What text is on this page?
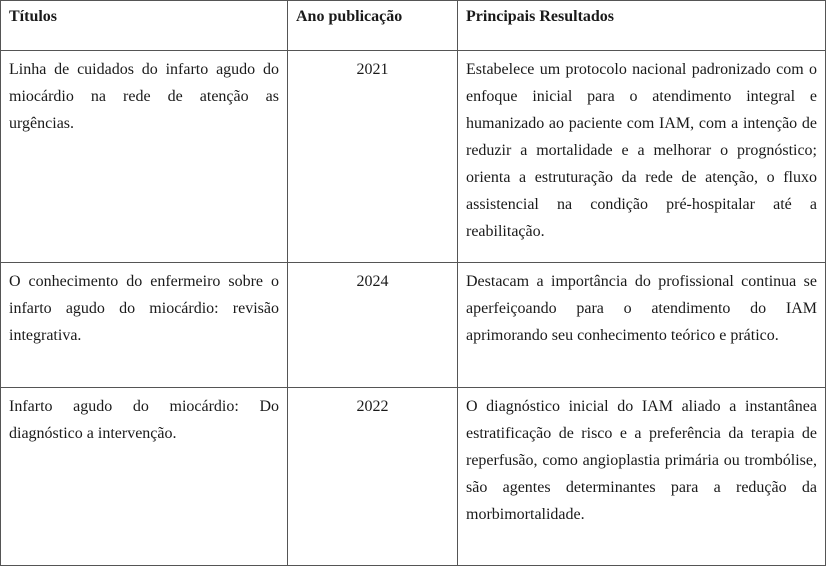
Títulos	Ano publicação	Principais Resultados
Linha de cuidados do infarto agudo do miocárdio na rede de atenção as urgências.	2021	Estabelece um protocolo nacional padronizado com o enfoque inicial para o atendimento integral e humanizado ao paciente com IAM, com a intenção de reduzir a mortalidade e a melhorar o prognóstico; orienta a estruturação da rede de atenção, o fluxo assistencial na condição pré-hospitalar até a reabilitação.
O conhecimento do enfermeiro sobre o infarto agudo do miocárdio: revisão integrativa.	2024	Destacam a importância do profissional continua se aperfeiçoando para o atendimento do IAM aprimorando seu conhecimento teórico e prático.
Infarto agudo do miocárdio: Do diagnóstico a intervenção.	2022	O diagnóstico inicial do IAM aliado a instantânea estratificação de risco e a preferência da terapia de reperfusão, como angioplastia primária ou trombólise, são agentes determinantes para a redução da morbimortalidade.
